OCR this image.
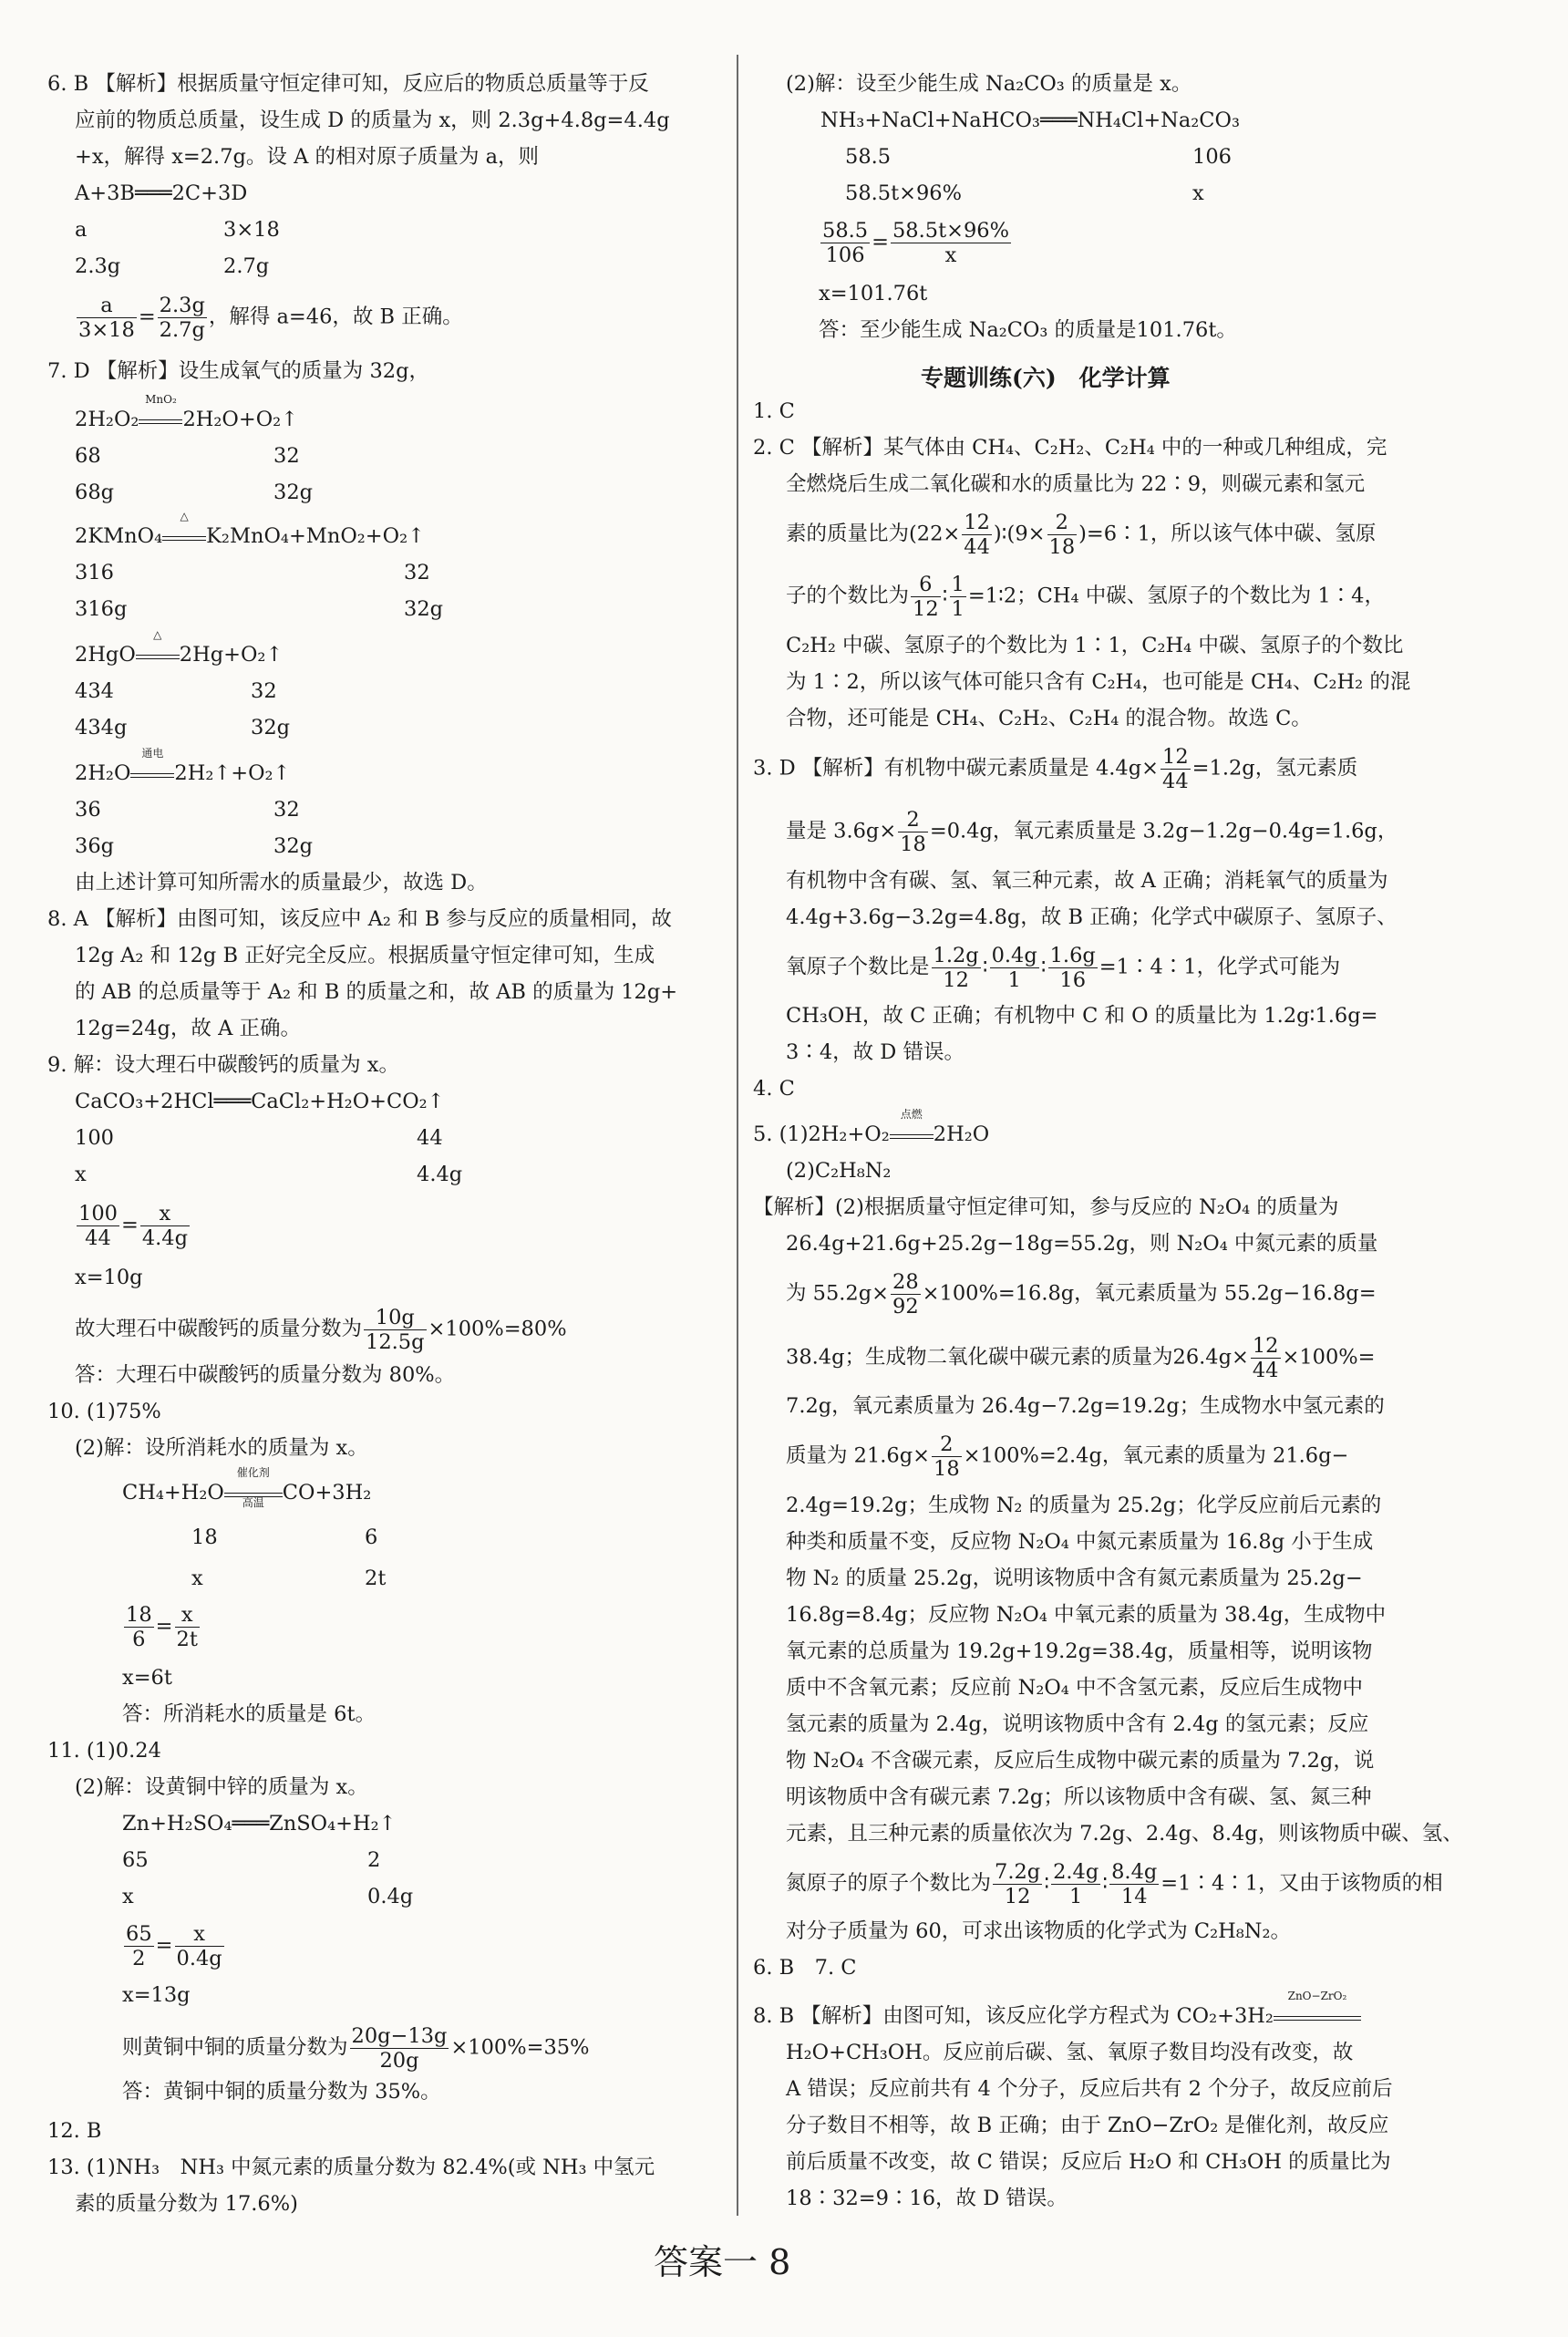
6. B 【解析】根据质量守恒定律可知，反应后的物质总质量等于反
应前的物质总质量，设生成 D 的质量为 x，则 2.3g+4.8g=4.4g
+x，解得 x=2.7g。设 A 的相对原子质量为 a，则
A+3B═══2C+3D
a	3×18
2.3g	2.7g
$\frac{a}{3\times 18} = \frac{2.3g}{2.7g}$ ，解得 a=46，故 B 正确。
7. D 【解析】设生成氧气的质量为 32g，
2H₂O₂
MnO₂
2H₂O+O₂↑
68	32
68g	32g
2KMnO₄
△
K₂MnO₄+MnO₂+O₂↑
316	32
316g	32g
2HgO
△
2Hg+O₂↑
434	32
434g	32g
2H₂O
通电
2H₂↑+O₂↑
36	32
36g	32g
由上述计算可知所需水的质量最少，故选 D。
8. A 【解析】由图可知，该反应中 A₂ 和 B 参与反应的质量相同，故
12g A₂ 和 12g B 正好完全反应。根据质量守恒定律可知，生成
的 AB 的总质量等于 A₂ 和 B 的质量之和，故 AB 的质量为 12g+
12g=24g，故 A 正确。
9. 解：设大理石中碳酸钙的质量为 x。
CaCO₃+2HCl═══CaCl₂+H₂O+CO₂↑
100	44
x	4.4g
$\frac{100}{44} = \frac{x}{4.4g}$
x=10g
故大理石中碳酸钙的质量分数为 $\frac{10g}{12.5g} \times 100\%=80\%$
答：大理石中碳酸钙的质量分数为 80%。
10. (1)75%
(2)解：设所消耗水的质量为 x。
CH₄+H₂O
催化剂
高温 CO+3H₂
18	6
x	2t
$\frac{18}{6} = \frac{x}{2t}$
x=6t
答：所消耗水的质量是 6t。
11. (1)0.24
(2)解：设黄铜中锌的质量为 x。
Zn+H₂SO₄═══ZnSO₄+H₂↑
65	2
x	0.4g
$\frac{65}{2} = \frac{x}{0.4g}$
x=13g
则黄铜中铜的质量分数为 $\frac{20g-13g}{20g} \times 100\%=35\%$
答：黄铜中铜的质量分数为 35%。
12. B
13. (1)NH₃　NH₃ 中氮元素的质量分数为 82.4%(或 NH₃ 中氢元
素的质量分数为 17.6%)
(2)解：设至少能生成 Na₂CO₃ 的质量是 x。
NH₃+NaCl+NaHCO₃═══NH₄Cl+Na₂CO₃
58.5	106
58.5t×96%	x
$\frac{58.5}{106} = \frac{58.5t\times 96\%}{x}$
x=101.76t
答：至少能生成 Na₂CO₃ 的质量是101.76t。
专题训练(六)　化学计算
1. C
2. C 【解析】某气体由 CH₄、C₂H₂、C₂H₄ 中的一种或几种组成，完
全燃烧后生成二氧化碳和水的质量比为 22∶9，则碳元素和氢元
素的质量比为($22\times \frac{12}{44}$ )∶(9× $\frac{2}{18}$ )=6∶1，所以该气体中碳、氢原
子的个数比为 $\frac{6}{12}$ ∶ $\frac{1}{1}$ =1∶2；CH₄ 中碳、氢原子的个数比为 1∶4，
C₂H₂ 中碳、氢原子的个数比为 1∶1，C₂H₄ 中碳、氢原子的个数比
为 1∶2，所以该气体可能只含有 C₂H₄，也可能是 CH₄、C₂H₂ 的混
合物，还可能是 CH₄、C₂H₂、C₂H₄ 的混合物。故选 C。
3. D 【解析】有机物中碳元素质量是 $4.4g\times \frac{12}{44} =1.2g$，氢元素质
量是 $3.6g\times \frac{2}{18} =0.4g$，氧元素质量是 3.2g−1.2g−0.4g=1.6g，
有机物中含有碳、氢、氧三种元素，故 A 正确；消耗氧气的质量为
4.4g+3.6g−3.2g=4.8g，故 B 正确；化学式中碳原子、氢原子、
氧原子个数比是 $\frac{1.2g}{12}$ ∶ $\frac{0.4g}{1}$ ∶ $\frac{1.6g}{16}$ =1∶4∶1，化学式可能为
CH₃OH，故 C 正确；有机物中 C 和 O 的质量比为 1.2g∶1.6g=
3∶4，故 D 错误。
4. C
5. (1)2H₂+O₂
点燃
2H₂O
(2)C₂H₈N₂
【解析】(2)根据质量守恒定律可知，参与反应的 N₂O₄ 的质量为
26.4g+21.6g+25.2g−18g=55.2g，则 N₂O₄ 中氮元素的质量
为 $55.2g\times \frac{28}{92} \times 100\%=16.8g$，氧元素质量为 55.2g−16.8g=
38.4g；生成物二氧化碳中碳元素的质量为$26.4g\times \frac{12}{44} \times 100\%=$
7.2g，氧元素质量为 26.4g−7.2g=19.2g；生成物水中氢元素的
质量为 $21.6g\times \frac{2}{18} \times 100\%=2.4g$，氧元素的质量为 21.6g−
2.4g=19.2g；生成物 N₂ 的质量为 25.2g；化学反应前后元素的
种类和质量不变，反应物 N₂O₄ 中氮元素质量为 16.8g 小于生成
物 N₂ 的质量 25.2g，说明该物质中含有氮元素质量为 25.2g−
16.8g=8.4g；反应物 N₂O₄ 中氧元素的质量为 38.4g，生成物中
氧元素的总质量为 19.2g+19.2g=38.4g，质量相等，说明该物
质中不含氧元素；反应前 N₂O₄ 中不含氢元素，反应后生成物中
氢元素的质量为 2.4g，说明该物质中含有 2.4g 的氢元素；反应
物 N₂O₄ 不含碳元素，反应后生成物中碳元素的质量为 7.2g，说
明该物质中含有碳元素 7.2g；所以该物质中含有碳、氢、氮三种
元素，且三种元素的质量依次为 7.2g、2.4g、8.4g，则该物质中碳、氢、
氮原子的原子个数比为 $\frac{7.2g}{12}$ ∶ $\frac{2.4g}{1}$ ∶ $\frac{8.4g}{14}$ =1∶4∶1，又由于该物质的相
对分子质量为 60，可求出该物质的化学式为 C₂H₈N₂。
6. B　7. C
8. B 【解析】由图可知，该反应化学方程式为 CO₂+3H₂
ZnO−ZrO₂
H₂O+CH₃OH。反应前后碳、氢、氧原子数目均没有改变，故
A 错误；反应前共有 4 个分子，反应后共有 2 个分子，故反应前后
分子数目不相等，故 B 正确；由于 ZnO−ZrO₂ 是催化剂，故反应
前后质量不改变，故 C 错误；反应后 H₂O 和 CH₃OH 的质量比为
18∶32=9∶16，故 D 错误。
答案一 8
